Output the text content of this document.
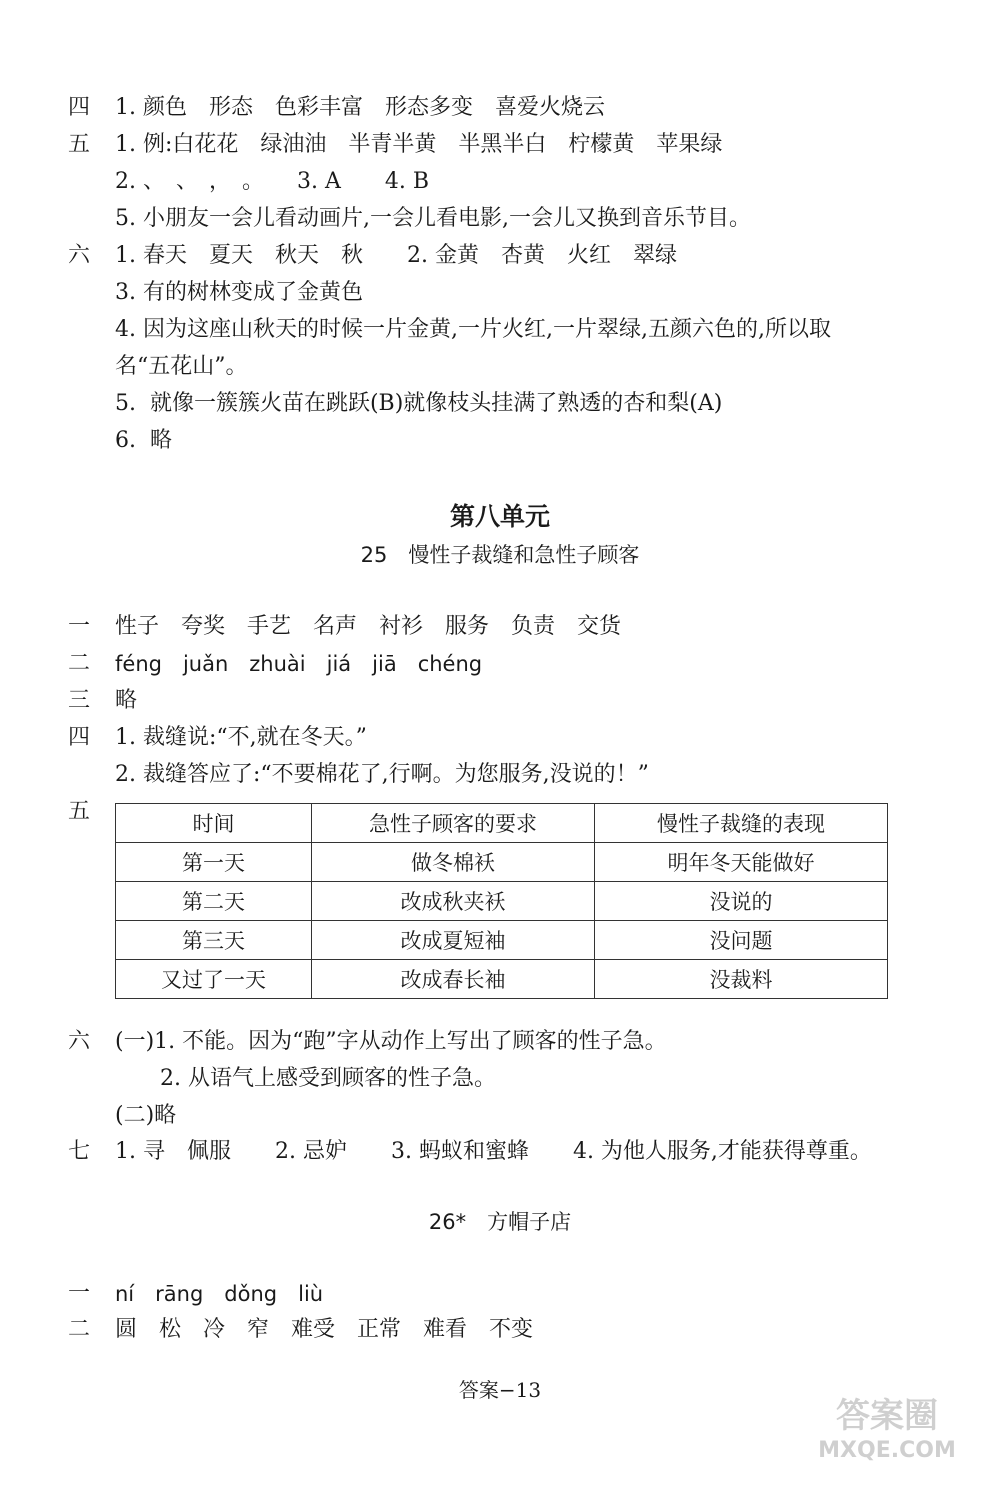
四 1. 颜色　形态　色彩丰富　形态多变　喜爱火烧云
五 1. 例:白花花　绿油油　半青半黄　半黑半白　柠檬黄　苹果绿
2. 、　、　，　。　　3. A　　4. B
5. 小朋友一会儿看动画片,一会儿看电影,一会儿又换到音乐节目。
六 1. 春天　夏天　秋天　秋　　2. 金黄　杏黄　火红　翠绿
3. 有的树林变成了金黄色
4. 因为这座山秋天的时候一片金黄,一片火红,一片翠绿,五颜六色的,所以取
名“五花山”。
5.  就像一簇簇火苗在跳跃(B)就像枝头挂满了熟透的杏和梨(A)
6.  略
第八单元
25　慢性子裁缝和急性子顾客
一 性子　夸奖　手艺　名声　衬衫　服务　负责　交货
二 féng　juǎn　zhuài　jiá　jiā　chéng
三 略
四 1. 裁缝说:“不,就在冬天。”
2. 裁缝答应了:“不要棉花了,行啊。为您服务,没说的！”
五	时间	急性子顾客的要求	慢性子裁缝的表现
第一天	做冬棉袄	明年冬天能做好
第二天	改成秋夹袄	没说的
第三天	改成夏短袖	没问题
又过了一天	改成春长袖	没裁料
六 (一)1. 不能。因为“跑”字从动作上写出了顾客的性子急。
2. 从语气上感受到顾客的性子急。
(二)略
七 1. 寻　佩服　　2. 忌妒　　3. 蚂蚁和蜜蜂　　4. 为他人服务,才能获得尊重。
26*　方帽子店
一 ní　rāng　dǒng　liù
二 圆　松　冷　窄　难受　正常　难看　不变
答案−13
答案圈
MXQE.COM
